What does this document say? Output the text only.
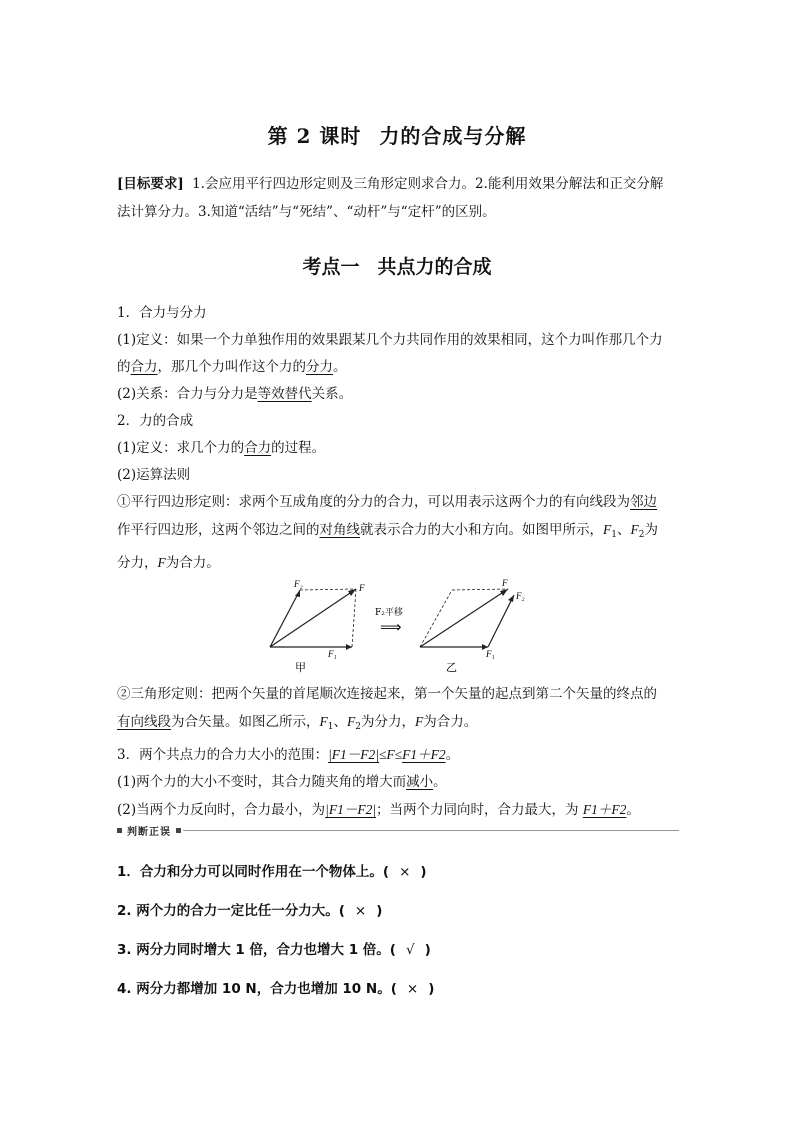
第 2 课时 力的合成与分解
[目标要求] 1.会应用平行四边形定则及三角形定则求合力。2.能利用效果分解法和正交分解
法计算分力。3.知道“活结”与“死结”、“动杆”与“定杆”的区别。
考点一 共点力的合成
1．合力与分力
(1)定义：如果一个力单独作用的效果跟某几个力共同作用的效果相同，这个力叫作那几个力
的合力，那几个力叫作这个力的分力。
(2)关系：合力与分力是等效替代关系。
2．力的合成
(1)定义：求几个力的合力的过程。
(2)运算法则
①平行四边形定则：求两个互成角度的分力的合力，可以用表示这两个力的有向线段为邻边
作平行四边形，这两个邻边之间的对角线就表示合力的大小和方向。如图甲所示，$F_1$、$F_2$为
分力，F为合力。
F₂	F
F₁
甲
F₂平移
⟹
F
F₂
F₁
乙
②三角形定则：把两个矢量的首尾顺次连接起来，第一个矢量的起点到第二个矢量的终点的
有向线段为合矢量。如图乙所示，$F_1$、$F_2$为分力，F为合力。
3．两个共点力的合力大小的范围：|F1－F2|≤F≤F1＋F2。
(1)两个力的大小不变时，其合力随夹角的增大而减小。
(2)当两个力反向时，合力最小，为|F1－F2|；当两个力同向时，合力最大，为 F1＋F2。
判断正误
1．合力和分力可以同时作用在一个物体上。( × )
2. 两个力的合力一定比任一分力大。( × )
3. 两分力同时增大 1 倍，合力也增大 1 倍。( √ )
4. 两分力都增加 10 N，合力也增加 10 N。( × )
